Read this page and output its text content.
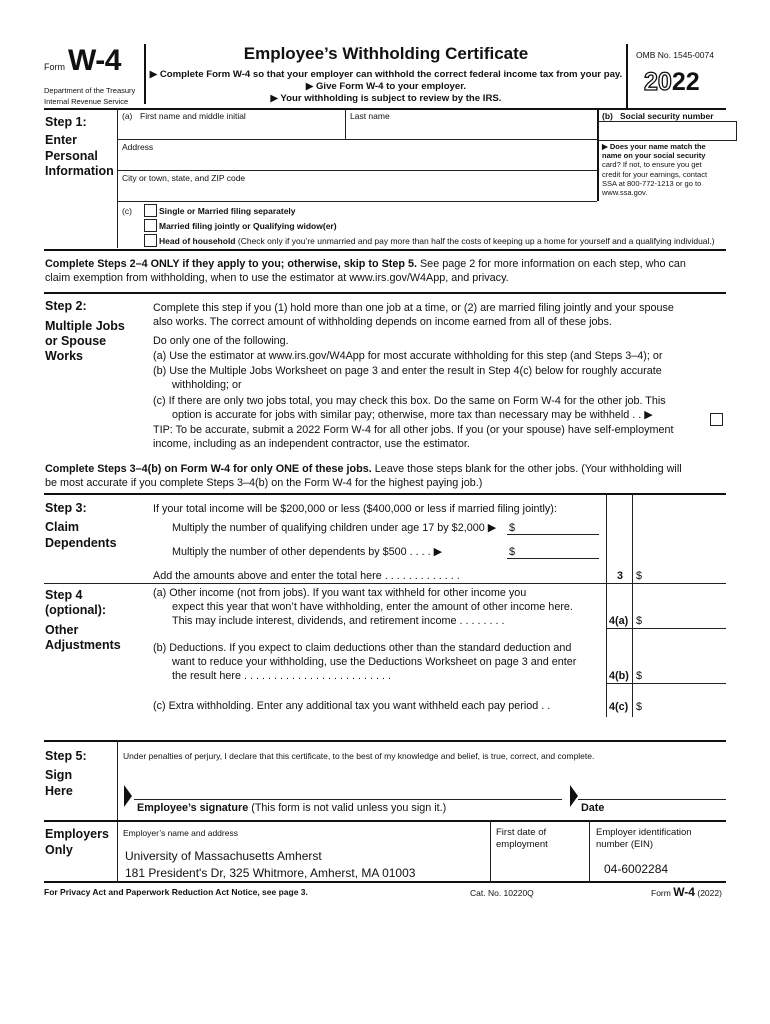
Form W-4
Department of the Treasury
Internal Revenue Service
Employee’s Withholding Certificate
▶ Complete Form W-4 so that your employer can withhold the correct federal income tax from your pay.
▶ Give Form W-4 to your employer.
▶ Your withholding is subject to review by the IRS.
OMB No. 1545-0074
2022
Step 1:
Enter
Personal
Information
(a) First name and middle initial	Last name	(b) Social security number
Address
City or town, state, and ZIP code
▶ Does your name match the
name on your social security
card? If not, to ensure you get
credit for your earnings, contact
SSA at 800-772-1213 or go to
www.ssa.gov.
(c)	Single or Married filing separately
Married filing jointly or Qualifying widow(er)
Head of household (Check only if you’re unmarried and pay more than half the costs of keeping up a home for yourself and a qualifying individual.)
Complete Steps 2–4 ONLY if they apply to you; otherwise, skip to Step 5. See page 2 for more information on each step, who can
claim exemption from withholding, when to use the estimator at www.irs.gov/W4App, and privacy.
Step 2:
Multiple Jobs
or Spouse
Works
Complete this step if you (1) hold more than one job at a time, or (2) are married filing jointly and your spouse
also works. The correct amount of withholding depends on income earned from all of these jobs.
Do only one of the following.
(a) Use the estimator at www.irs.gov/W4App for most accurate withholding for this step (and Steps 3–4); or
(b) Use the Multiple Jobs Worksheet on page 3 and enter the result in Step 4(c) below for roughly accurate
withholding; or
(c) If there are only two jobs total, you may check this box. Do the same on Form W-4 for the other job. This
option is accurate for jobs with similar pay; otherwise, more tax than necessary may be withheld . . ▶
TIP: To be accurate, submit a 2022 Form W-4 for all other jobs. If you (or your spouse) have self-employment
income, including as an independent contractor, use the estimator.
Complete Steps 3–4(b) on Form W-4 for only ONE of these jobs. Leave those steps blank for the other jobs. (Your withholding will
be most accurate if you complete Steps 3–4(b) on the Form W-4 for the highest paying job.)
Step 3:
Claim
Dependents
If your total income will be $200,000 or less ($400,000 or less if married filing jointly):
Multiply the number of qualifying children under age 17 by $2,000 ▶ $
Multiply the number of other dependents by $500 . . . . ▶	$
Add the amounts above and enter the total here . . . . . . . . . . . . .	3 $
Step 4
(optional):
Other
Adjustments
(a) Other income (not from jobs). If you want tax withheld for other income you
expect this year that won’t have withholding, enter the amount of other income here.
This may include interest, dividends, and retirement income . . . . . . . .	4(a) $
(b) Deductions. If you expect to claim deductions other than the standard deduction and
want to reduce your withholding, use the Deductions Worksheet on page 3 and enter
the result here . . . . . . . . . . . . . . . . . . . . . . . . .	4(b) $
(c) Extra withholding. Enter any additional tax you want withheld each pay period . .	4(c) $
Step 5:
Sign
Here
Under penalties of perjury, I declare that this certificate, to the best of my knowledge and belief, is true, correct, and complete.
Employee’s signature (This form is not valid unless you sign it.)	Date
Employers
Only
Employer’s name and address
University of Massachusetts Amherst
181 President's Dr, 325 Whitmore, Amherst, MA 01003
First date of
employment
Employer identification
number (EIN)
04-6002284
For Privacy Act and Paperwork Reduction Act Notice, see page 3.	Cat. No. 10220Q	Form W-4 (2022)
